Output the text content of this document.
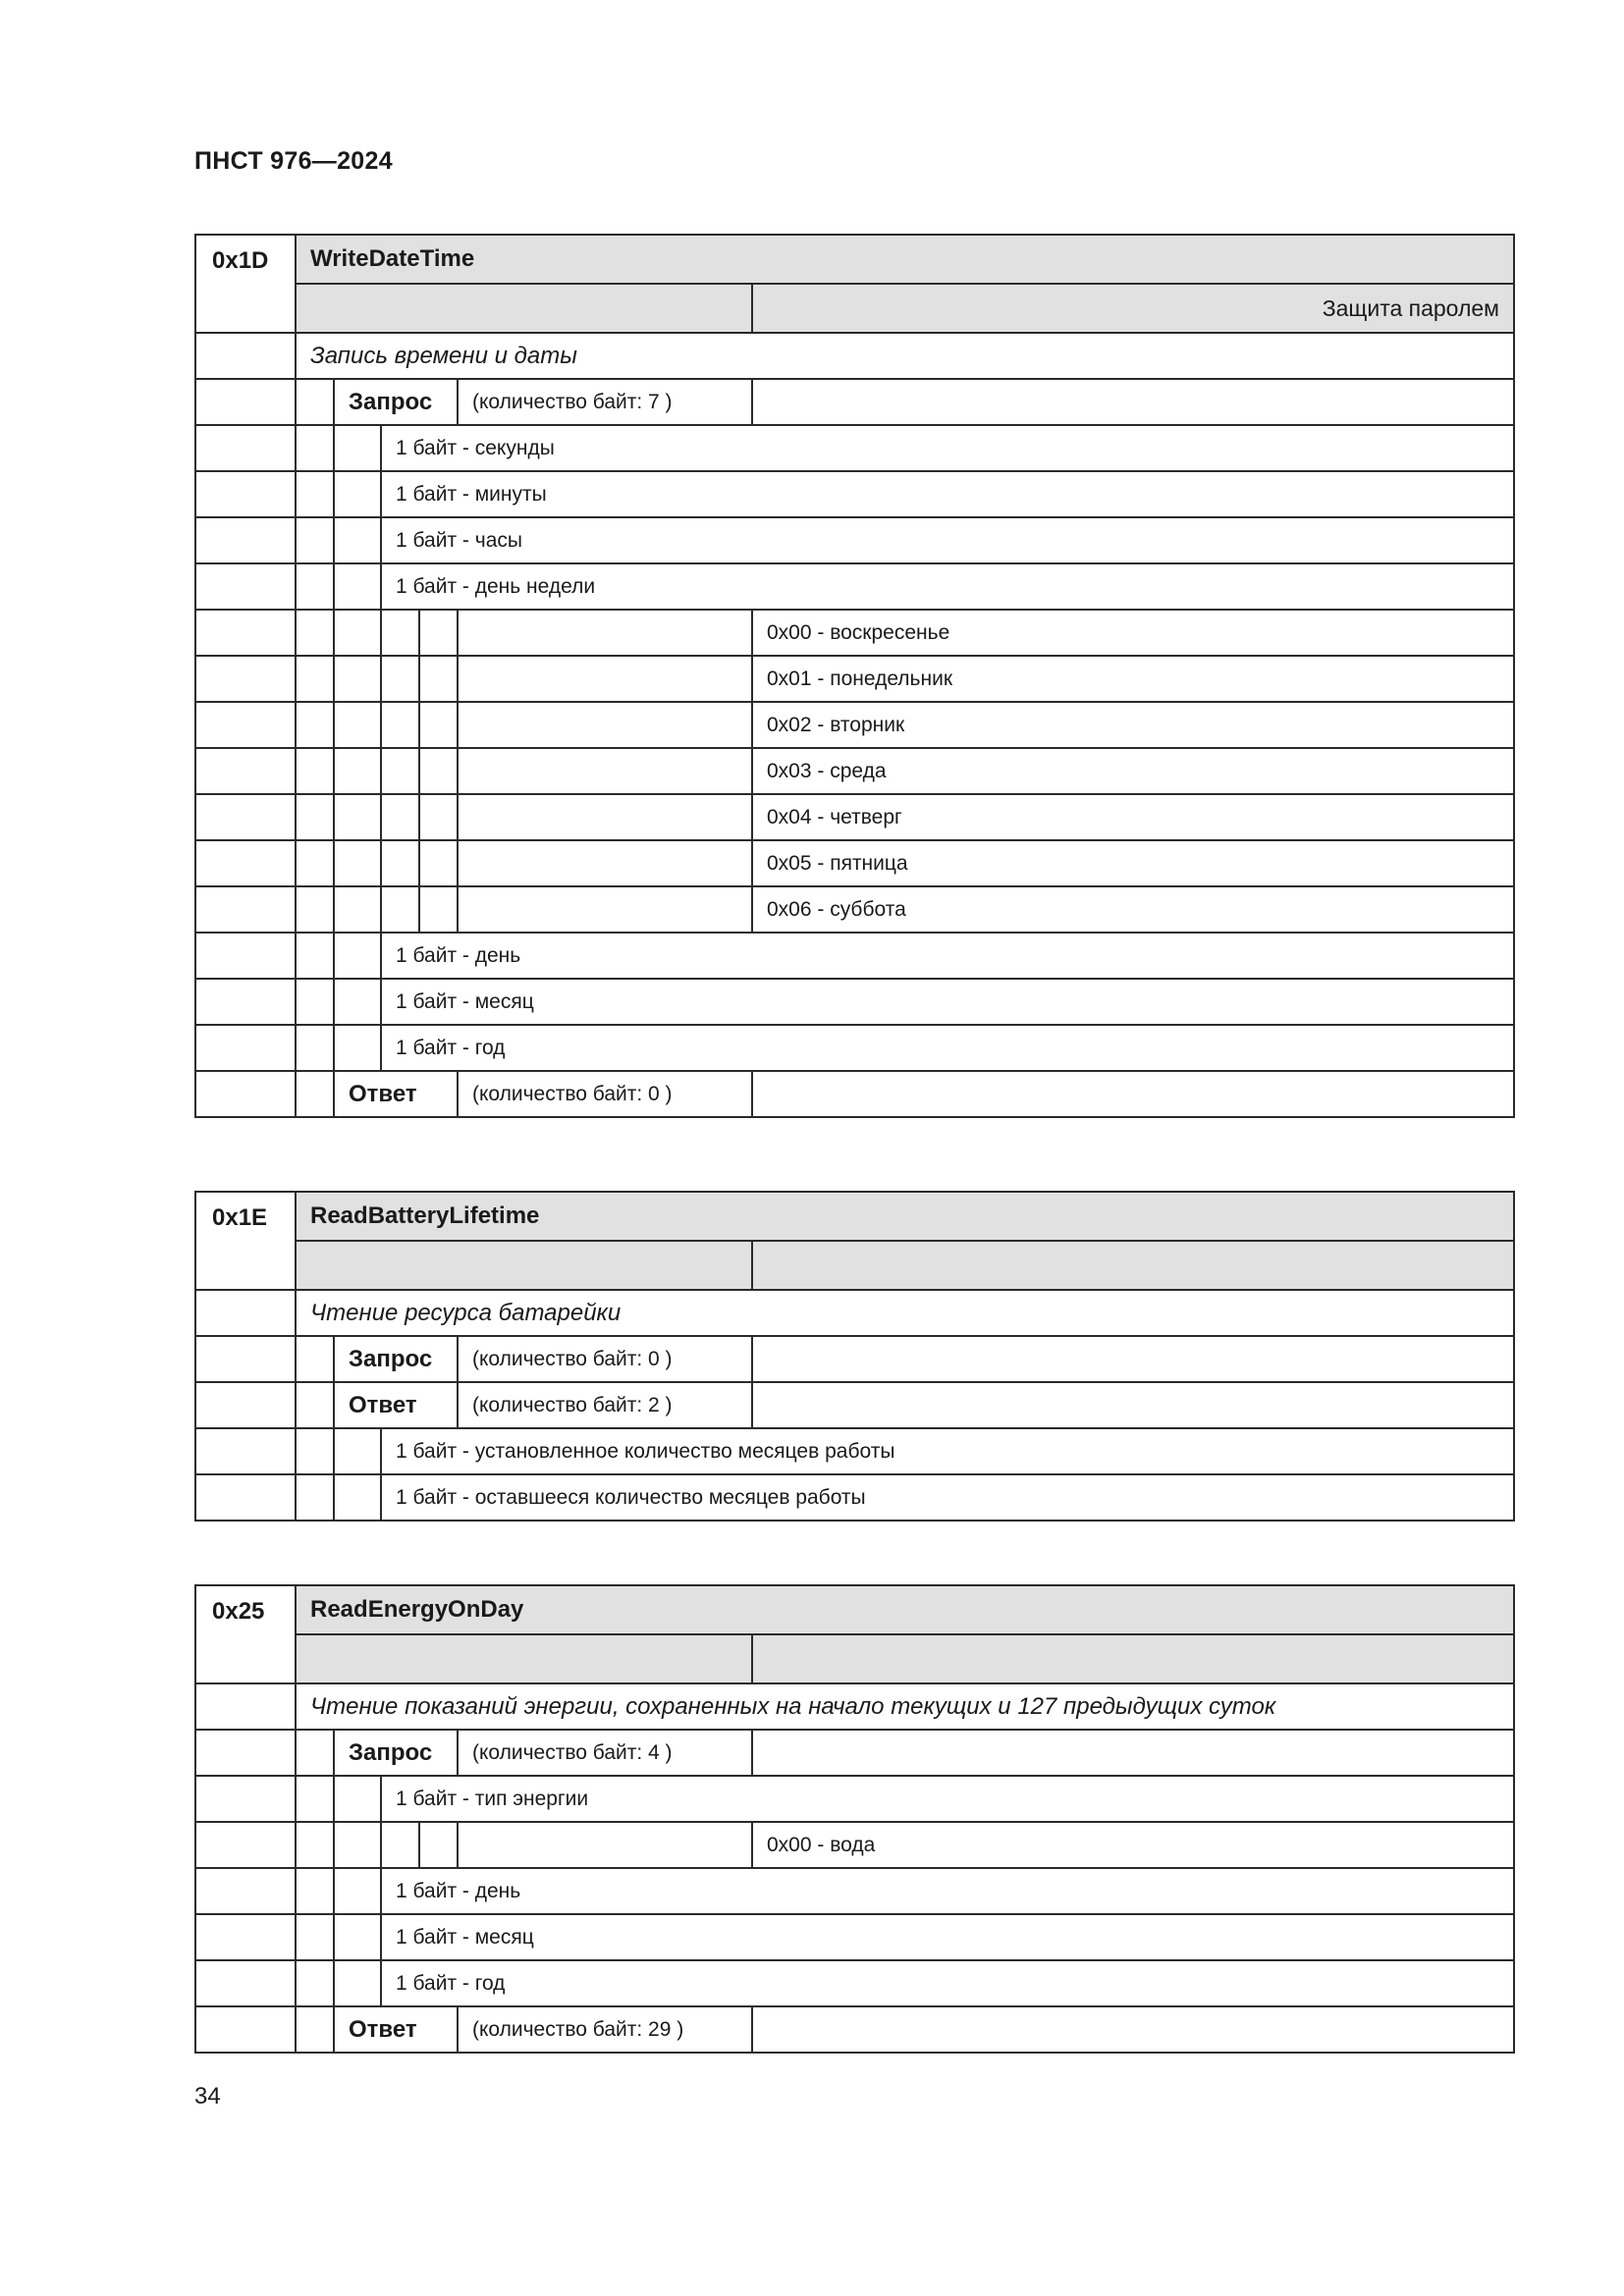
ПНСТ 976—2024
0x1D	WriteDateTime					
						Защита паролем
	Запись времени и даты					
		Запрос			(количество байт: 7 )	
			1 байт - секунды			
			1 байт - минуты			
			1 байт - часы			
			1 байт - день недели			
						0x00 - воскресенье
						0x01 - понедельник
						0x02 - вторник
						0x03 - среда
						0x04 - четверг
						0x05 - пятница
						0x06 - суббота
			1 байт - день			
			1 байт - месяц			
			1 байт - год			
		Ответ			(количество байт: 0 )	
0x1E	ReadBatteryLifetime				

	Чтение ресурса батарейки				
		Запрос		(количество байт: 0 )	
		Ответ		(количество байт: 2 )	
			1 байт - установленное количество месяцев работы		
			1 байт - оставшееся количество месяцев работы		
0x25	ReadEnergyOnDay					

	Чтение показаний энергии, сохраненных на начало текущих и 127 предыдущих суток					
		Запрос			(количество байт: 4 )	
			1 байт - тип энергии			
						0x00 - вода
			1 байт - день			
			1 байт - месяц			
			1 байт - год			
		Ответ			(количество байт: 29 )	
34
